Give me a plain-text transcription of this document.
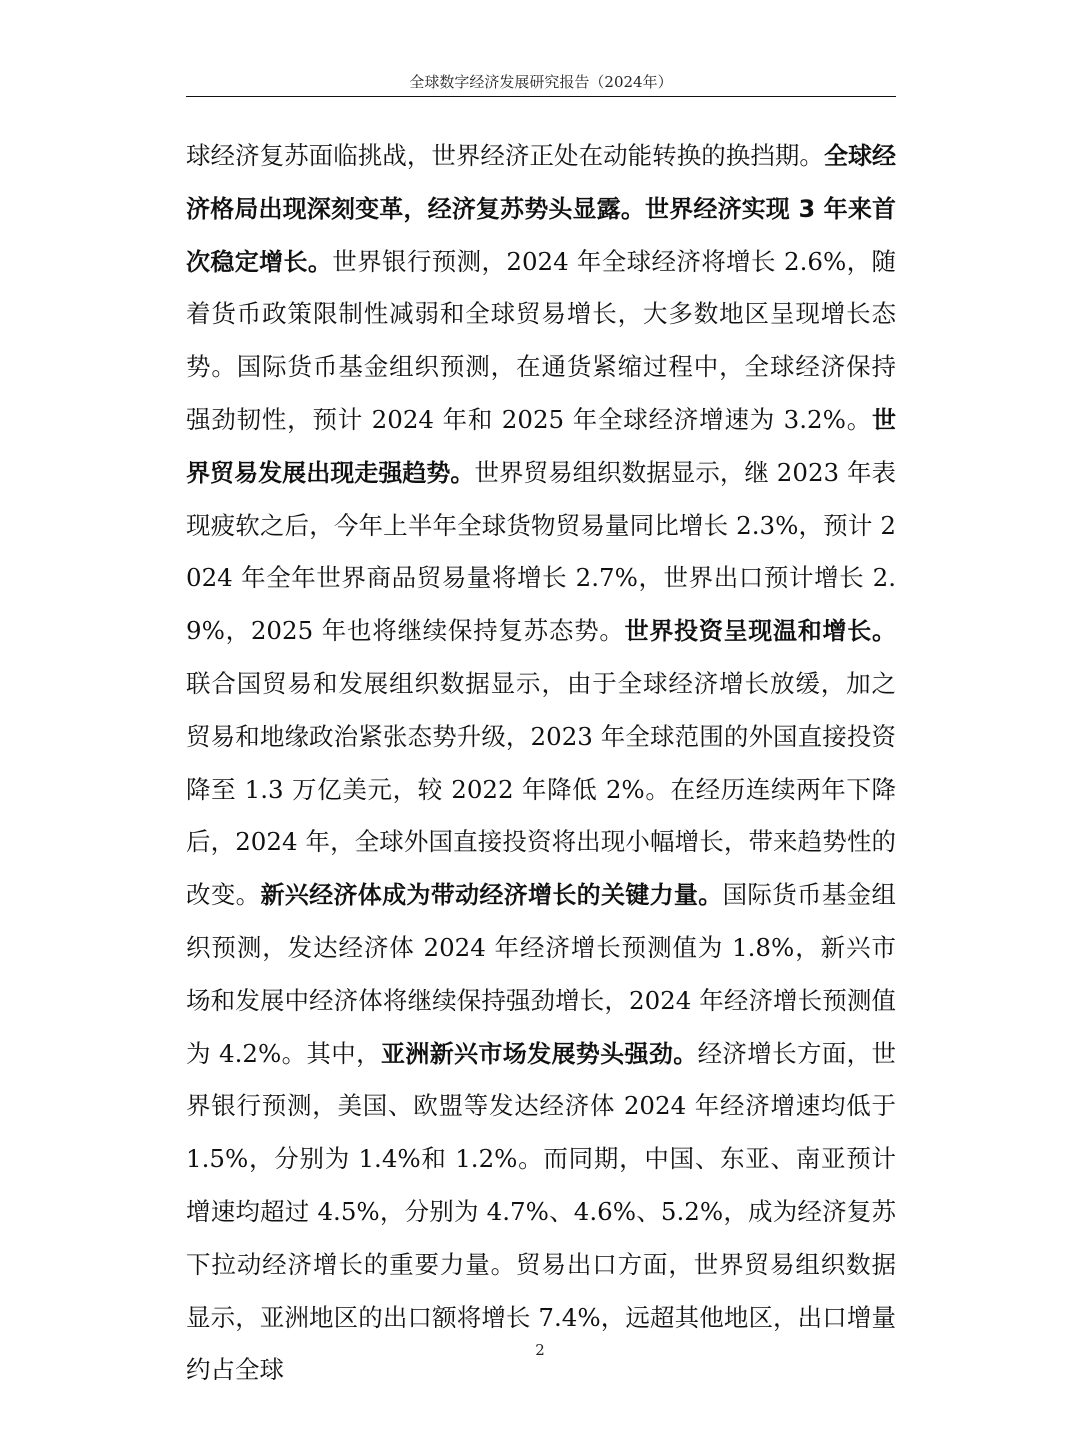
全球数字经济发展研究报告（2024年）
球经济复苏面临挑战，世界经济正处在动能转换的换挡期。全球经济格局出现深刻变革，经济复苏势头显露。世界经济实现 3 年来首次稳定增长。世界银行预测，2024 年全球经济将增长 2.6%，随着货币政策限制性减弱和全球贸易增长，大多数地区呈现增长态势。国际货币基金组织预测，在通货紧缩过程中，全球经济保持强劲韧性，预计 2024 年和 2025 年全球经济增速为 3.2%。世界贸易发展出现走强趋势。世界贸易组织数据显示，继 2023 年表现疲软之后，今年上半年全球货物贸易量同比增长 2.3%，预计 2024 年全年世界商品贸易量将增长 2.7%，世界出口预计增长 2.9%，2025 年也将继续保持复苏态势。世界投资呈现温和增长。联合国贸易和发展组织数据显示，由于全球经济增长放缓，加之贸易和地缘政治紧张态势升级，2023 年全球范围的外国直接投资降至 1.3 万亿美元，较 2022 年降低 2%。在经历连续两年下降后，2024 年，全球外国直接投资将出现小幅增长，带来趋势性的改变。新兴经济体成为带动经济增长的关键力量。国际货币基金组织预测，发达经济体 2024 年经济增长预测值为 1.8%，新兴市场和发展中经济体将继续保持强劲增长，2024 年经济增长预测值为 4.2%。其中，亚洲新兴市场发展势头强劲。经济增长方面，世界银行预测，美国、欧盟等发达经济体 2024 年经济增速均低于 1.5%，分别为 1.4%和 1.2%。而同期，中国、东亚、南亚预计增速均超过 4.5%，分别为 4.7%、4.6%、5.2%，成为经济复苏下拉动经济增长的重要力量。贸易出口方面，世界贸易组织数据显示，亚洲地区的出口额将增长 7.4%，远超其他地区，出口增量约占全球
2
